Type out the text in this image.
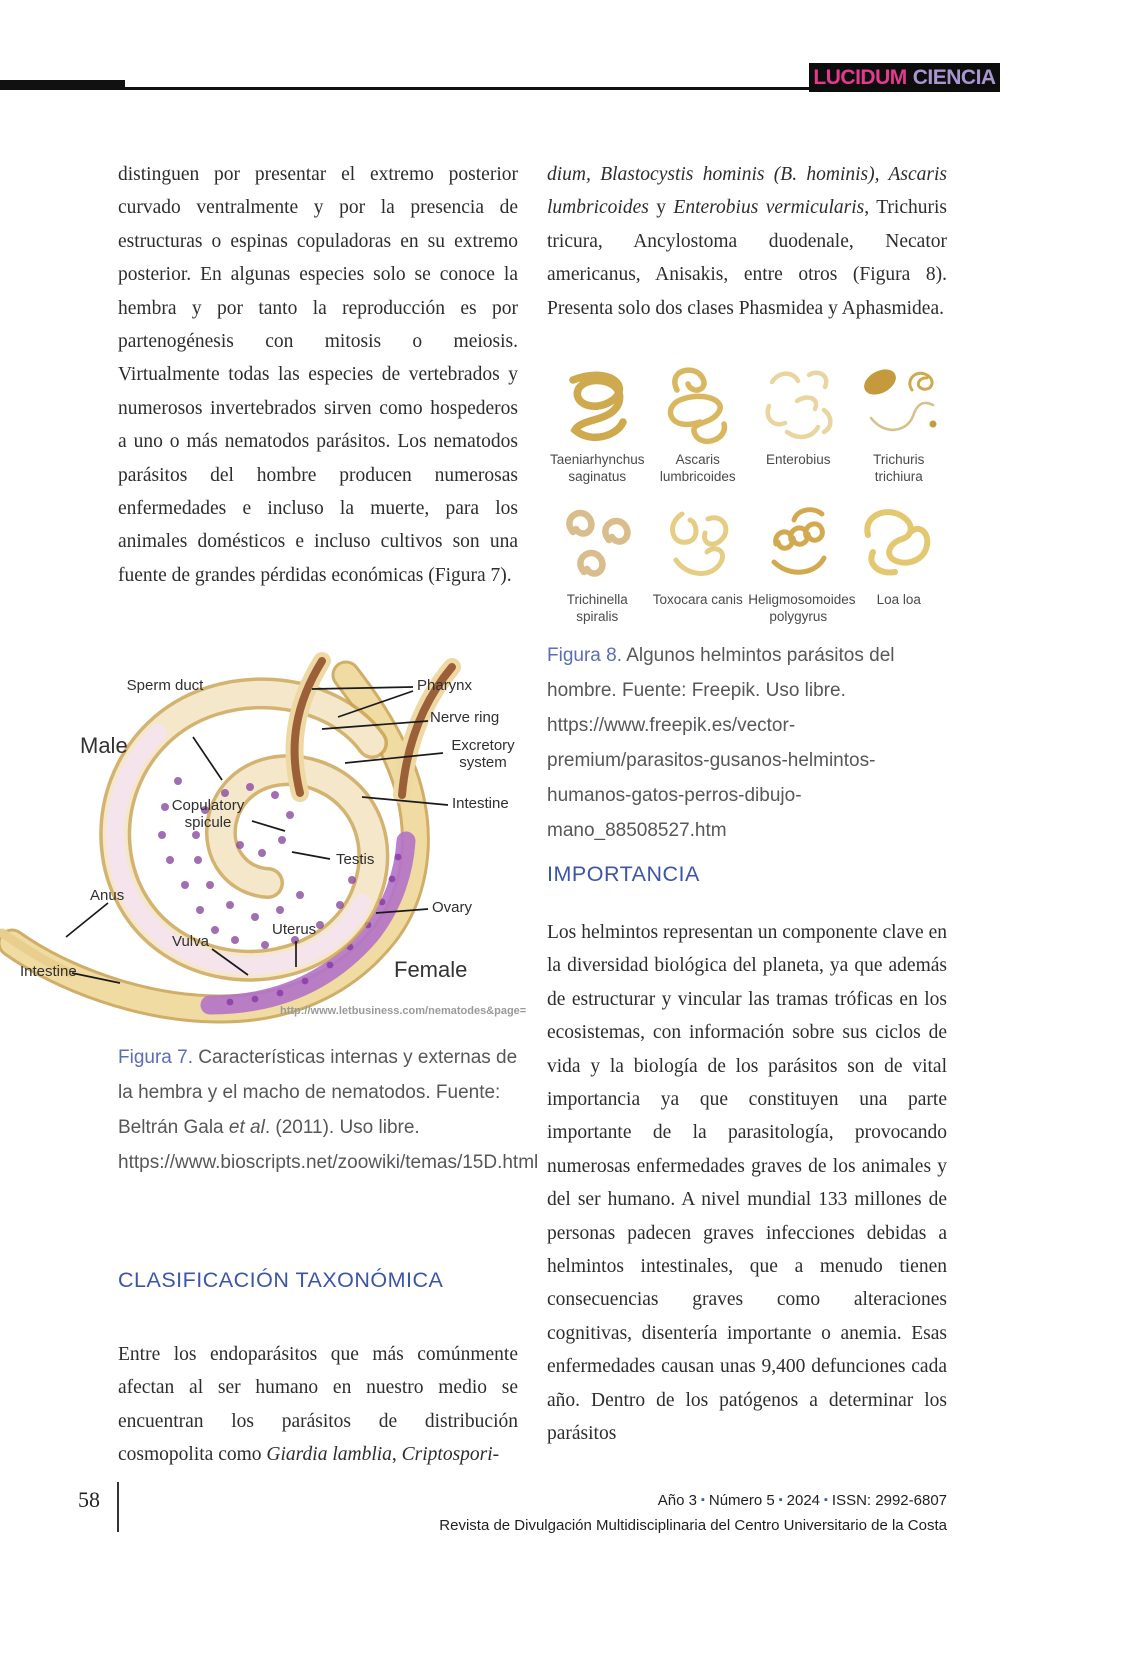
LUCIDUM CIENCIA
distinguen por presentar el extremo posterior curvado ventralmente y por la presencia de estructuras o espinas copuladoras en su extremo posterior. En algunas especies solo se conoce la hembra y por tanto la reproducción es por partenogénesis con mitosis o meiosis. Virtualmente todas las especies de vertebrados y numerosos invertebrados sirven como hospederos a uno o más nematodos parásitos. Los nematodos parásitos del hombre producen numerosas enfermedades e incluso la muerte, para los animales domésticos e incluso cultivos son una fuente de grandes pérdidas económicas (Figura 7).
Sperm duct
Male
Pharynx
Nerve ring
Excretory system
Intestine
Copulatory spicule
Testis
Anus
Ovary
Uterus
Vulva
Intestine	Female
http://www.letbusiness.com/nematodes&page=
Figura 7. Características internas y externas de la hembra y el macho de nematodos. Fuente: Beltrán Gala et al. (2011). Uso libre. https://www.bioscripts.net/zoowiki/temas/15D.html
CLASIFICACIÓN TAXONÓMICA
Entre los endoparásitos que más comúnmente afectan al ser humano en nuestro medio se encuentran los parásitos de distribución cosmopolita como Giardia lamblia, Criptospori-
dium, Blastocystis hominis (B. hominis), Ascaris lumbricoides y Enterobius vermicularis, Trichuris tricura, Ancylostoma duodenale, Necator americanus, Anisakis, entre otros (Figura 8). Presenta solo dos clases Phasmidea y Aphasmidea.
Taeniarhynchus saginatus
Ascaris lumbricoides
Enterobius	Trichuris trichiura
Trichinella spiralis
Toxocara canis Heligmosomoides polygyrus
Loa loa
Figura 8. Algunos helmintos parásitos del hombre. Fuente: Freepik. Uso libre. https://www.freepik.es/vector-premium/parasitos-gusanos-helmintos-humanos-gatos-perros-dibujo-mano_88508527.htm
IMPORTANCIA
Los helmintos representan un componente clave en la diversidad biológica del planeta, ya que además de estructurar y vincular las tramas tróficas en los ecosistemas, con información sobre sus ciclos de vida y la biología de los parásitos son de vital importancia ya que constituyen una parte importante de la parasitología, provocando numerosas enfermedades graves de los animales y del ser humano. A nivel mundial 133 millones de personas padecen graves infecciones debidas a helmintos intestinales, que a menudo tienen consecuencias graves como alteraciones cognitivas, disentería importante o anemia. Esas enfermedades causan unas 9,400 defunciones cada año. Dentro de los patógenos a determinar los parásitos
58	Año 3 ▪ Número 5 ▪ 2024 ▪ ISSN: 2992-6807
Revista de Divulgación Multidisciplinaria del Centro Universitario de la Costa
